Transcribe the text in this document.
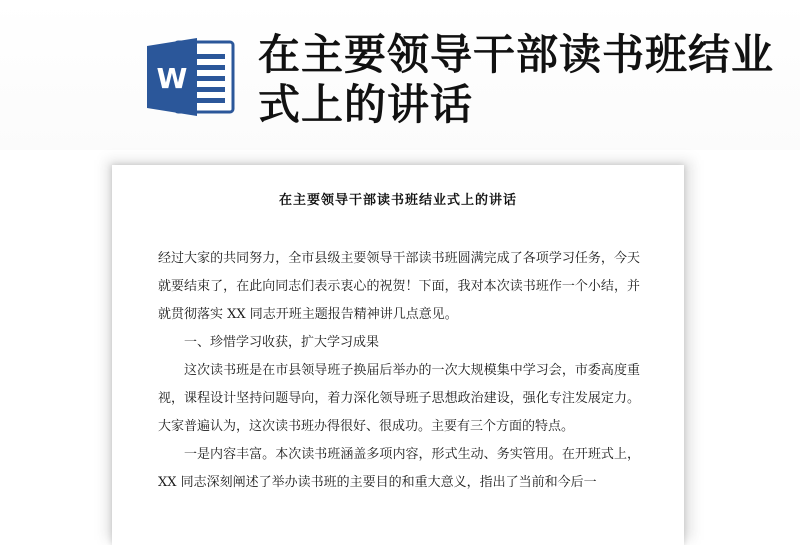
W 在主要领导干部读书班结业式上的讲话
在主要领导干部读书班结业式上的讲话

经过大家的共同努力，全市县级主要领导干部读书班圆满完成了各项学习任务，今天就要结束了，在此向同志们表示衷心的祝贺！下面，我对本次读书班作一个小结，并就贯彻落实 XX 同志开班主题报告精神讲几点意见。

一、珍惜学习收获，扩大学习成果

这次读书班是在市县领导班子换届后举办的一次大规模集中学习会，市委高度重视，课程设计坚持问题导向，着力深化领导班子思想政治建设，强化专注发展定力。大家普遍认为，这次读书班办得很好、很成功。主要有三个方面的特点。

一是内容丰富。本次读书班涵盖多项内容，形式生动、务实管用。在开班式上，XX 同志深刻阐述了举办读书班的主要目的和重大意义，指出了当前和今后一
